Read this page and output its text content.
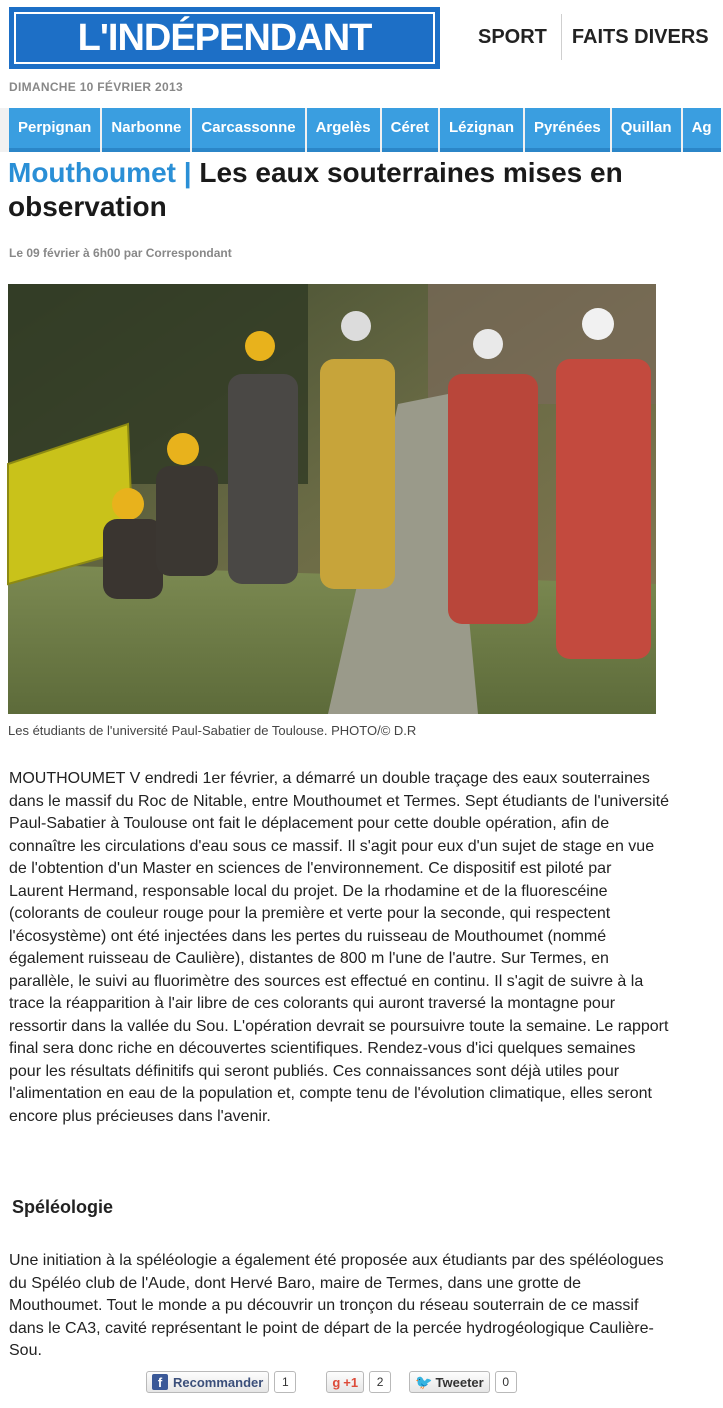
L'INDÉPENDANT	SPORT	FAITS DIVERS
DIMANCHE 10 FÉVRIER 2013
Perpignan	Narbonne	Carcassonne	Argelès	Céret	Lézignan	Pyrénées	Quillan	Ag
Mouthoumet | Les eaux souterraines mises en observation
Le 09 février à 6h00 par Correspondant
Les étudiants de l'université Paul-Sabatier de Toulouse. PHOTO/© D.R

MOUTHOUMET V endredi 1er février, a démarré un double traçage des eaux souterraines dans le massif du Roc de Nitable, entre Mouthoumet et Termes. Sept étudiants de l'université Paul-Sabatier à Toulouse ont fait le déplacement pour cette double opération, afin de connaître les circulations d'eau sous ce massif. Il s'agit pour eux d'un sujet de stage en vue de l'obtention d'un Master en sciences de l'environnement. Ce dispositif est piloté par Laurent Hermand, responsable local du projet. De la rhodamine et de la fluorescéine (colorants de couleur rouge pour la première et verte pour la seconde, qui respectent l'écosystème) ont été injectées dans les pertes du ruisseau de Mouthoumet (nommé également ruisseau de Caulière), distantes de 800 m l'une de l'autre. Sur Termes, en parallèle, le suivi au fluorimètre des sources est effectué en continu. Il s'agit de suivre à la trace la réapparition à l'air libre de ces colorants qui auront traversé la montagne pour ressortir dans la vallée du Sou. L'opération devrait se poursuivre toute la semaine. Le rapport final sera donc riche en découvertes scientifiques. Rendez-vous d'ici quelques semaines pour les résultats définitifs qui seront publiés. Ces connaissances sont déjà utiles pour l'alimentation en eau de la population et, compte tenu de l'évolution climatique, elles seront encore plus précieuses dans l'avenir.

Spéléologie

Une initiation à la spéléologie a également été proposée aux étudiants par des spéléologues du Spéléo club de l'Aude, dont Hervé Baro, maire de Termes, dans une grotte de Mouthoumet. Tout le monde a pu découvrir un tronçon du réseau souterrain de ce massif dans le CA3, cavité représentant le point de départ de la percée hydrogéologique Caulière-Sou.

f Recommander	1	g +1	2	🐦 Tweeter	0
